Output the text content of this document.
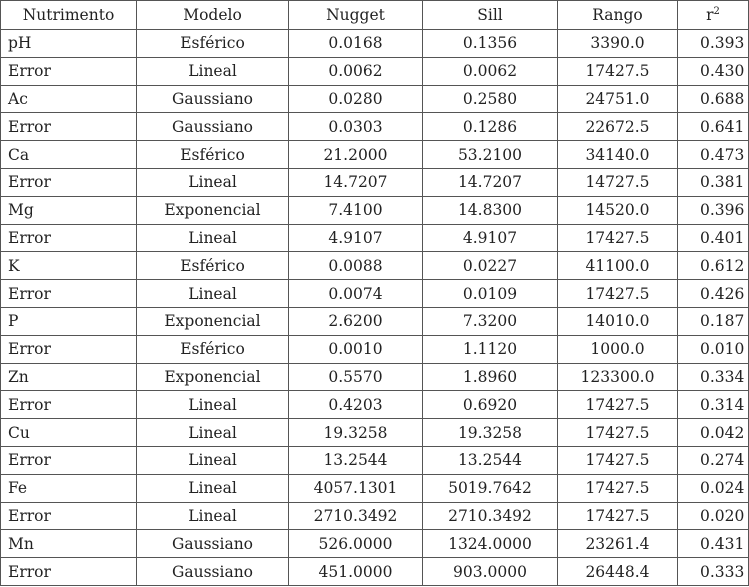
Nutrimento	Modelo	Nugget	Sill	Rango	$r^2$
pH	Esférico	0.0168	0.1356	3390.0	0.393
Error	Lineal	0.0062	0.0062	17427.5	0.430
Ac	Gaussiano	0.0280	0.2580	24751.0	0.688
Error	Gaussiano	0.0303	0.1286	22672.5	0.641
Ca	Esférico	21.2000	53.2100	34140.0	0.473
Error	Lineal	14.7207	14.7207	14727.5	0.381
Mg	Exponencial	7.4100	14.8300	14520.0	0.396
Error	Lineal	4.9107	4.9107	17427.5	0.401
K	Esférico	0.0088	0.0227	41100.0	0.612
Error	Lineal	0.0074	0.0109	17427.5	0.426
P	Exponencial	2.6200	7.3200	14010.0	0.187
Error	Esférico	0.0010	1.1120	1000.0	0.010
Zn	Exponencial	0.5570	1.8960	123300.0	0.334
Error	Lineal	0.4203	0.6920	17427.5	0.314
Cu	Lineal	19.3258	19.3258	17427.5	0.042
Error	Lineal	13.2544	13.2544	17427.5	0.274
Fe	Lineal	4057.1301	5019.7642	17427.5	0.024
Error	Lineal	2710.3492	2710.3492	17427.5	0.020
Mn	Gaussiano	526.0000	1324.0000	23261.4	0.431
Error	Gaussiano	451.0000	903.0000	26448.4	0.333
